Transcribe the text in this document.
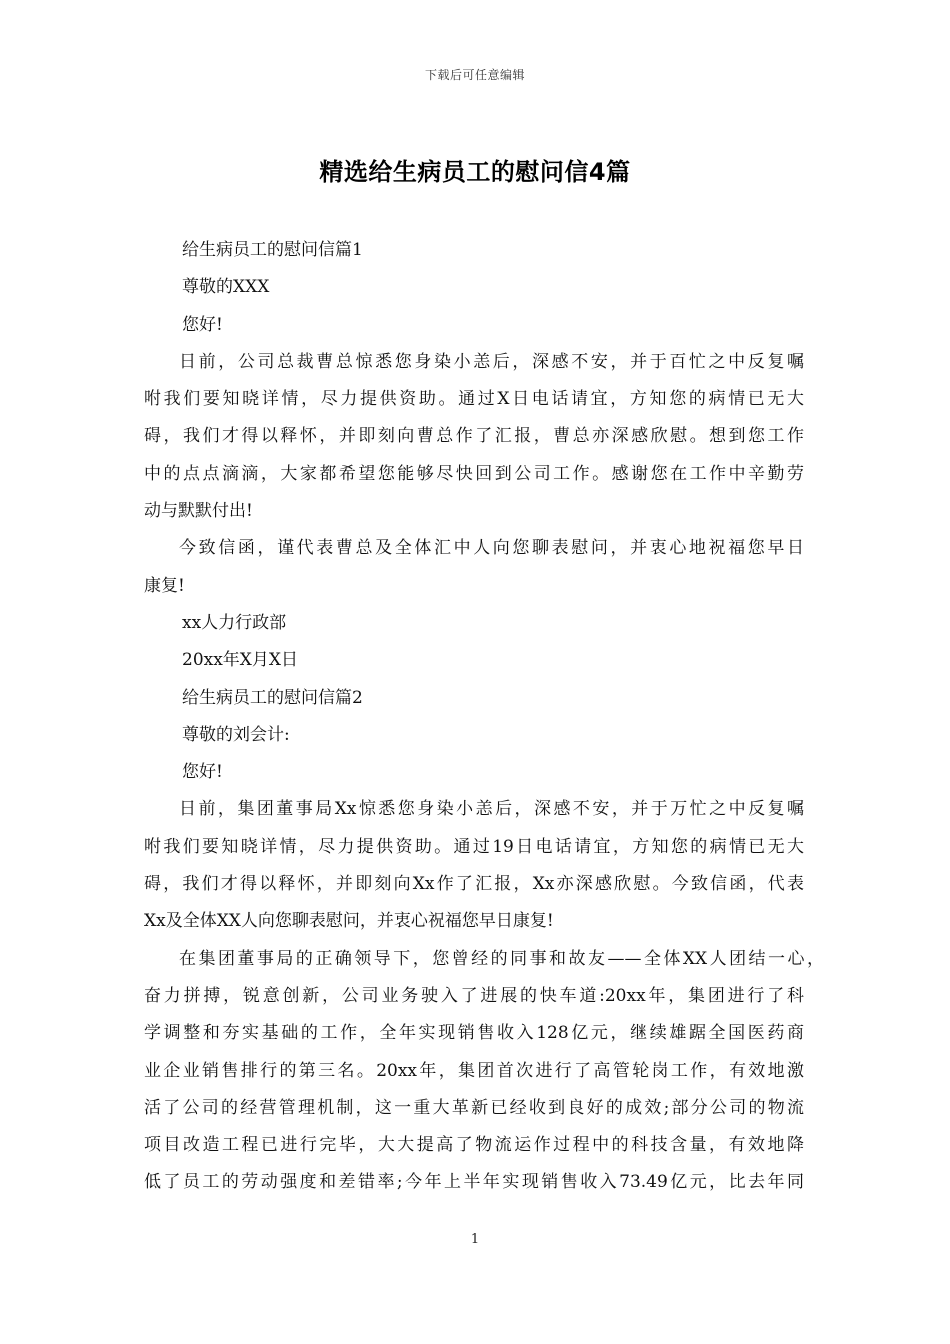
下载后可任意编辑
精选给生病员工的慰问信4篇
给生病员工的慰问信篇1
尊敬的XXX
您好!
日前，公司总裁曹总惊悉您身染小恙后，深感不安，并于百忙之中反复嘱
咐我们要知晓详情，尽力提供资助。通过X日电话请宜，方知您的病情已无大
碍，我们才得以释怀，并即刻向曹总作了汇报，曹总亦深感欣慰。想到您工作
中的点点滴滴，大家都希望您能够尽快回到公司工作。感谢您在工作中辛勤劳
动与默默付出!
今致信函，谨代表曹总及全体汇中人向您聊表慰问，并衷心地祝福您早日
康复!
xx人力行政部
20xx年X月X日
给生病员工的慰问信篇2
尊敬的刘会计:
您好!
日前，集团董事局Xx惊悉您身染小恙后，深感不安，并于万忙之中反复嘱
咐我们要知晓详情，尽力提供资助。通过19日电话请宜，方知您的病情已无大
碍，我们才得以释怀，并即刻向Xx作了汇报，Xx亦深感欣慰。今致信函，代表
Xx及全体XX人向您聊表慰问，并衷心祝福您早日康复!
在集团董事局的正确领导下，您曾经的同事和故友——全体XX人团结一心，
奋力拼搏，锐意创新，公司业务驶入了进展的快车道:20xx年，集团进行了科
学调整和夯实基础的工作，全年实现销售收入128亿元，继续雄踞全国医药商
业企业销售排行的第三名。20xx年，集团首次进行了高管轮岗工作，有效地激
活了公司的经营管理机制，这一重大革新已经收到良好的成效;部分公司的物流
项目改造工程已进行完毕，大大提高了物流运作过程中的科技含量，有效地降
低了员工的劳动强度和差错率;今年上半年实现销售收入73.49亿元，比去年同
1
